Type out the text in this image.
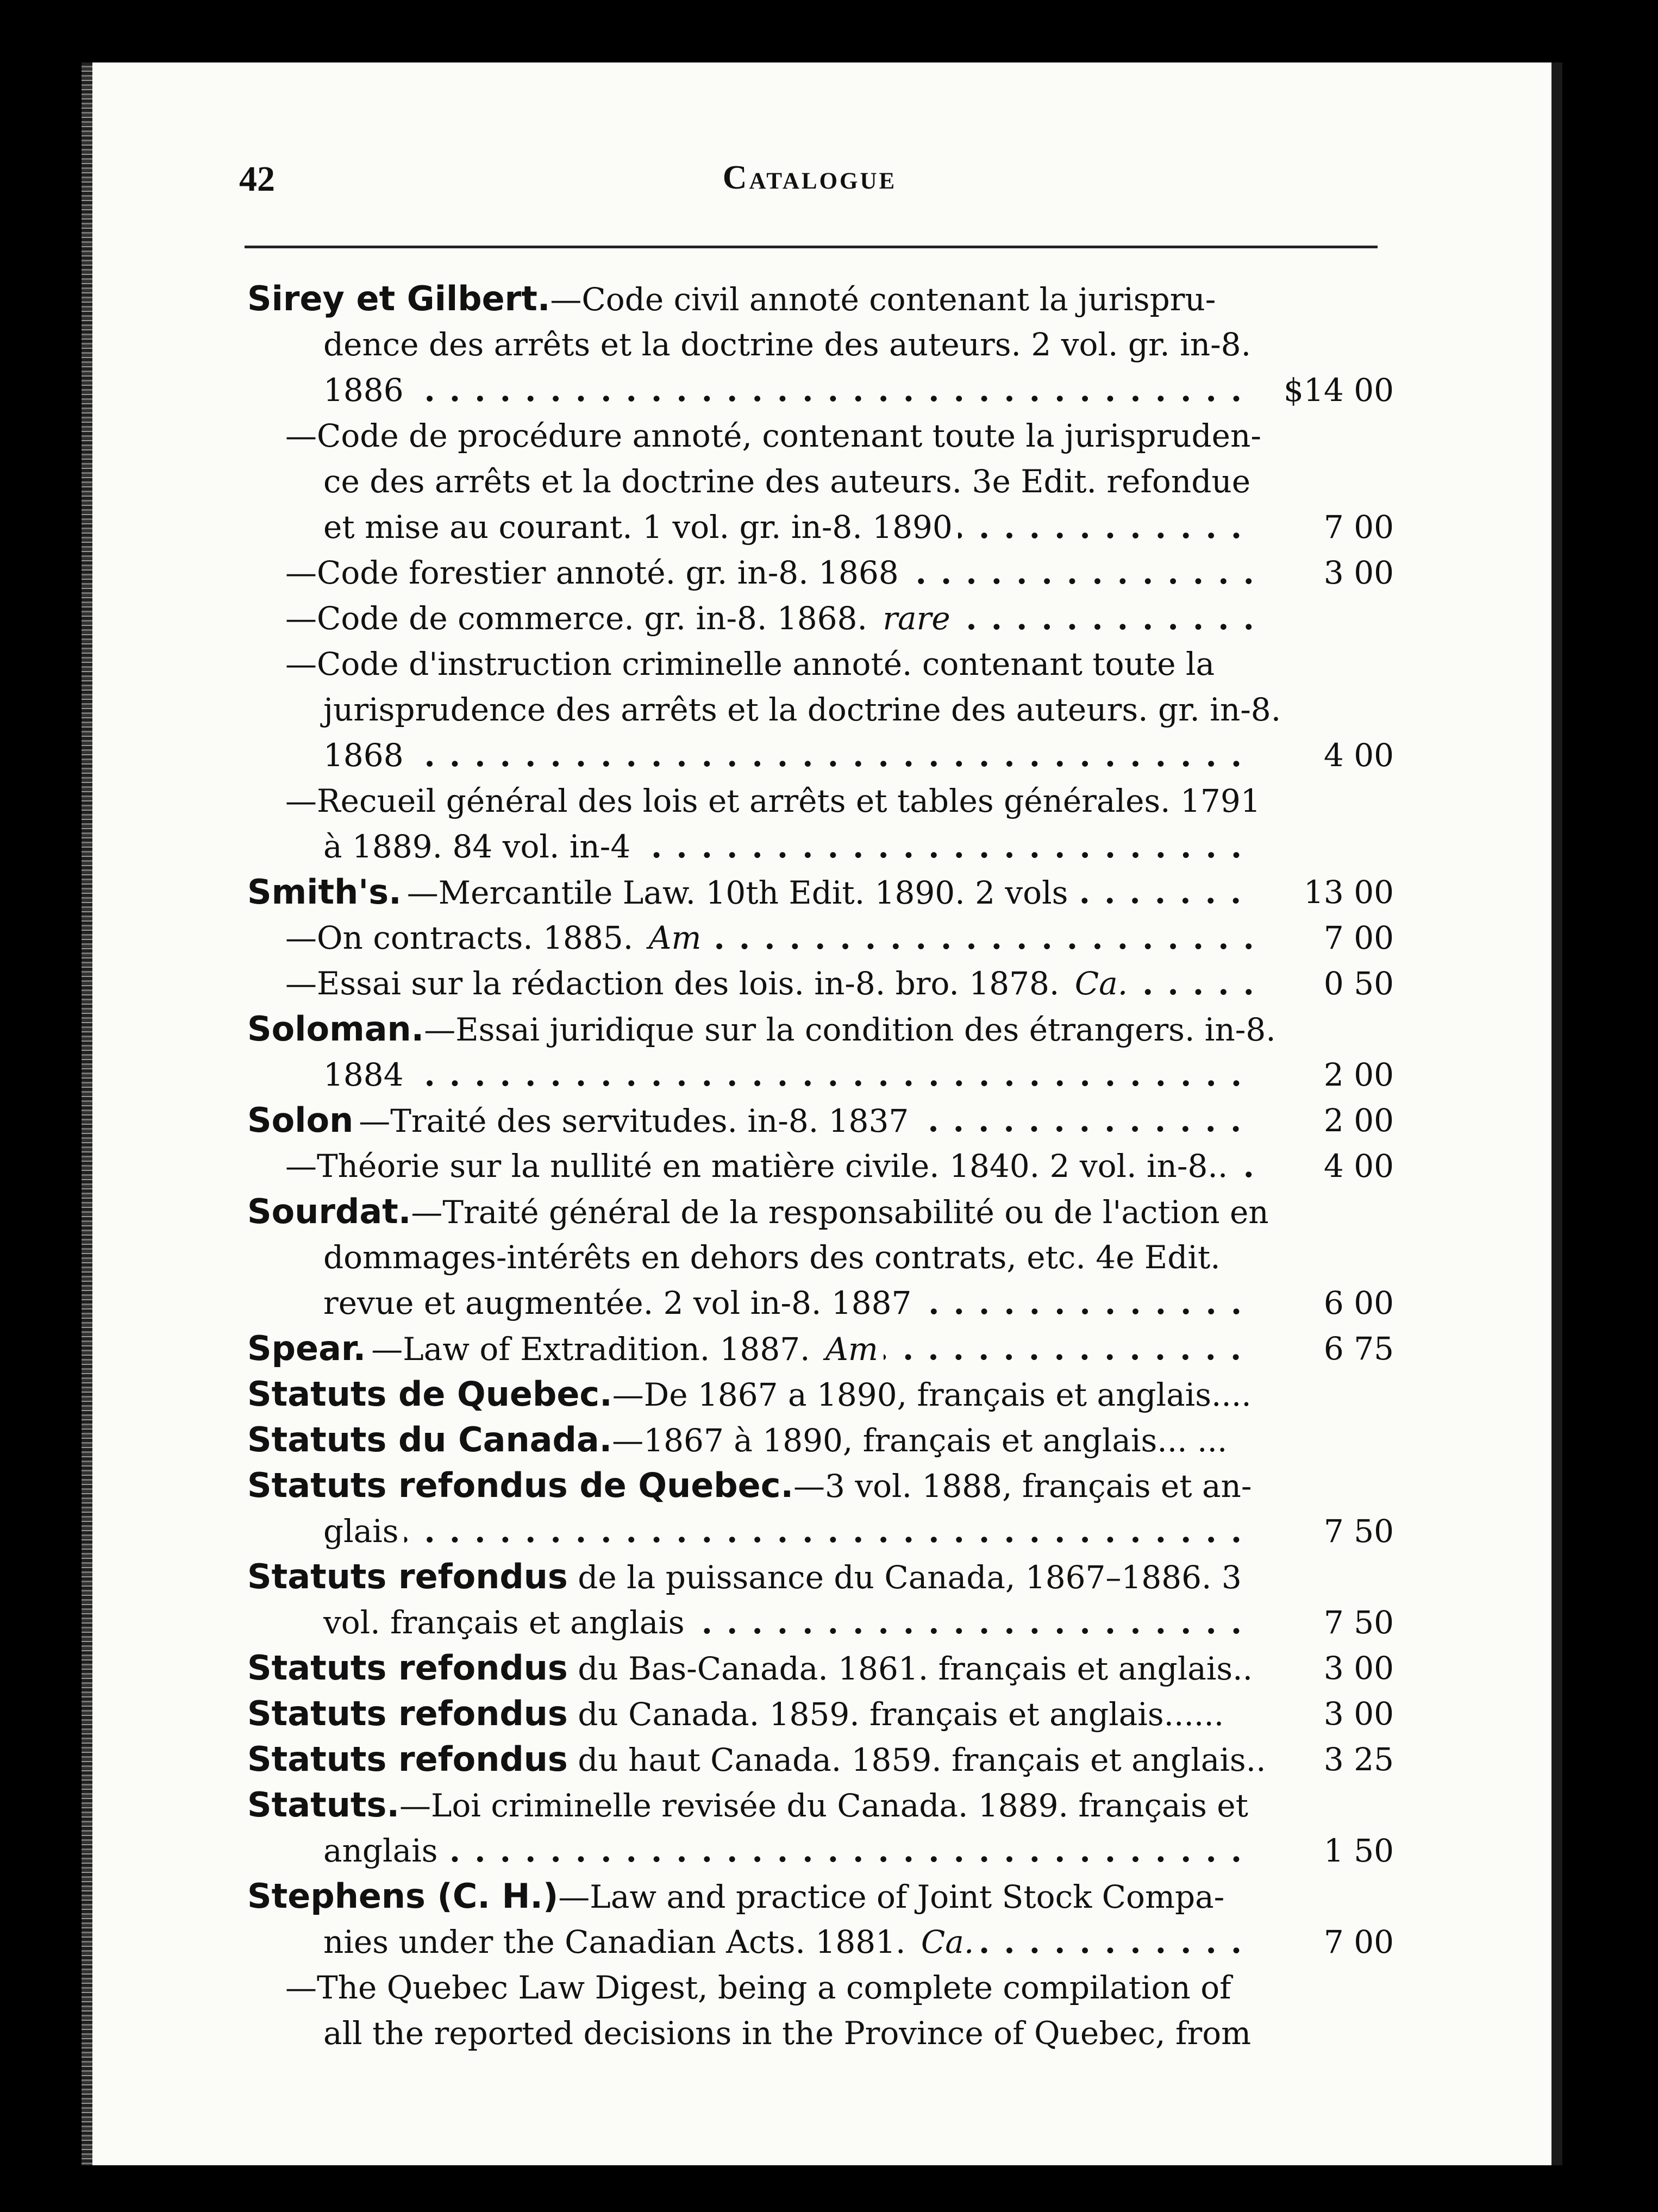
42	Catalogue
Sirey et Gilbert.—Code civil annoté contenant la jurispru-
dence des arrêts et la doctrine des auteurs. 2 vol. gr. in-8.
1886 . . .	$14 00
—Code de procédure annoté, contenant toute la jurispruden-
ce des arrêts et la doctrine des auteurs. 3e Edit. refondue
et mise au courant. 1 vol. gr. in-8. 1890 . . .	7 00
—Code forestier annoté. gr. in-8. 1868 . . .	3 00
—Code de commerce. gr. in-8. 1868. rare . . .
—Code d'instruction criminelle annoté. contenant toute la
jurisprudence des arrêts et la doctrine des auteurs. gr. in-8.
1868 . . .	4 00
—Recueil général des lois et arrêts et tables générales. 1791
à 1889. 84 vol. in-4 . . .
Smith's. —Mercantile Law. 10th Edit. 1890. 2 vols . . .	13 00
—On contracts. 1885. Am . . .	7 00
—Essai sur la rédaction des lois. in-8. bro. 1878. Ca. . . .	0 50
Soloman.—Essai juridique sur la condition des étrangers. in-8.
1884 . . .	2 00
Solon —Traité des servitudes. in-8. 1837 . . .	2 00
—Théorie sur la nullité en matière civile. 1840. 2 vol. in-8.. . . .	4 00
Sourdat.—Traité général de la responsabilité ou de l'action en
dommages-intérêts en dehors des contrats, etc. 4e Edit.
revue et augmentée. 2 vol in-8. 1887 . . .	6 00
Spear. —Law of Extradition. 1887. Am . . .	6 75
Statuts de Quebec.—De 1867 a 1890, français et anglais....
Statuts du Canada.—1867 à 1890, français et anglais... ...
Statuts refondus de Quebec.—3 vol. 1888, français et an-
glais . . .	7 50
Statuts refondus de la puissance du Canada, 1867–1886. 3
vol. français et anglais . . .	7 50
Statuts refondus du Bas-Canada. 1861. français et anglais..	3 00
Statuts refondus du Canada. 1859. français et anglais......	3 00
Statuts refondus du haut Canada. 1859. français et anglais..	3 25
Statuts.—Loi criminelle revisée du Canada. 1889. français et
anglais . . .	1 50
Stephens (C. H.)—Law and practice of Joint Stock Compa-
nies under the Canadian Acts. 1881. Ca. . . .	7 00
—The Quebec Law Digest, being a complete compilation of
all the reported decisions in the Province of Quebec, from
